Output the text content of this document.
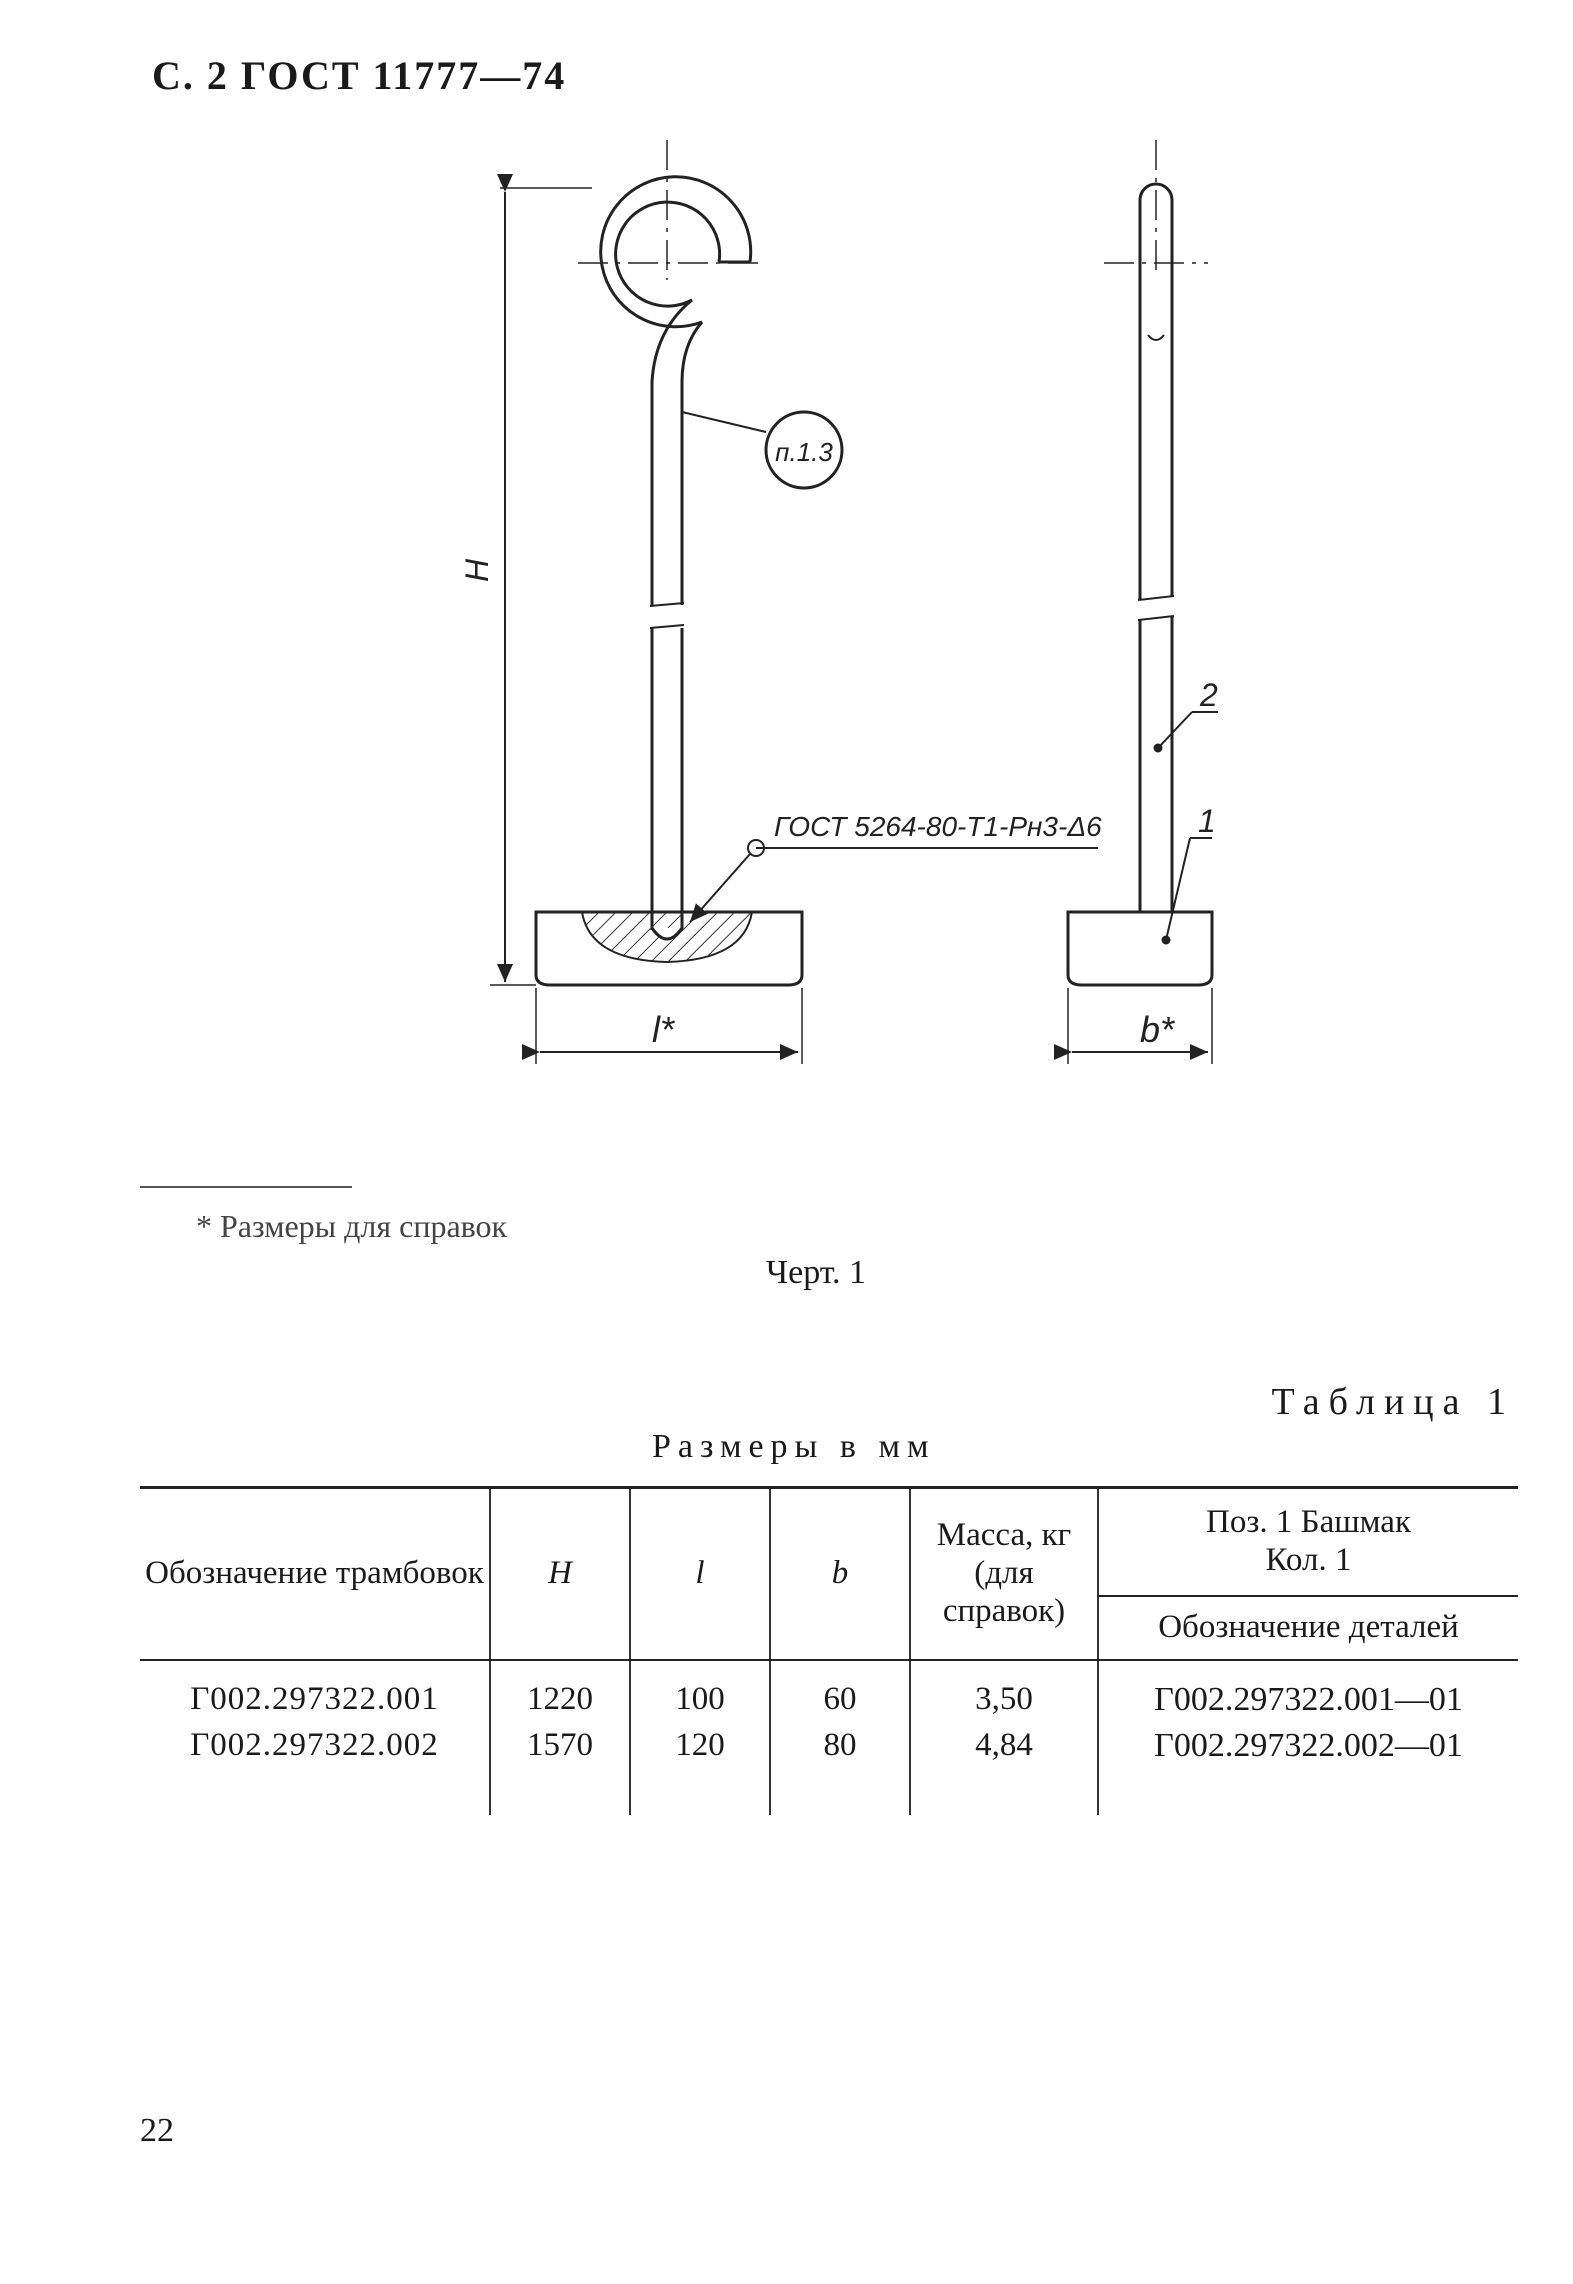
С. 2 ГОСТ 11777—74
H
l*	b*
п.1.3
ГОСТ 5264-80-Т1-Рн3-Δ6	1
2
* Размеры для справок
Черт. 1
Таблица 1
Размеры в мм
Обозначение трамбовок	H	l	b	Масса, кг (для справок)	Поз. 1 Башмак Кол. 1
					Обозначение деталей
Г002.297322.001	1220	100	60	3,50	Г002.297322.001—01
Г002.297322.002	1570	120	80	4,84	Г002.297322.002—01

22
